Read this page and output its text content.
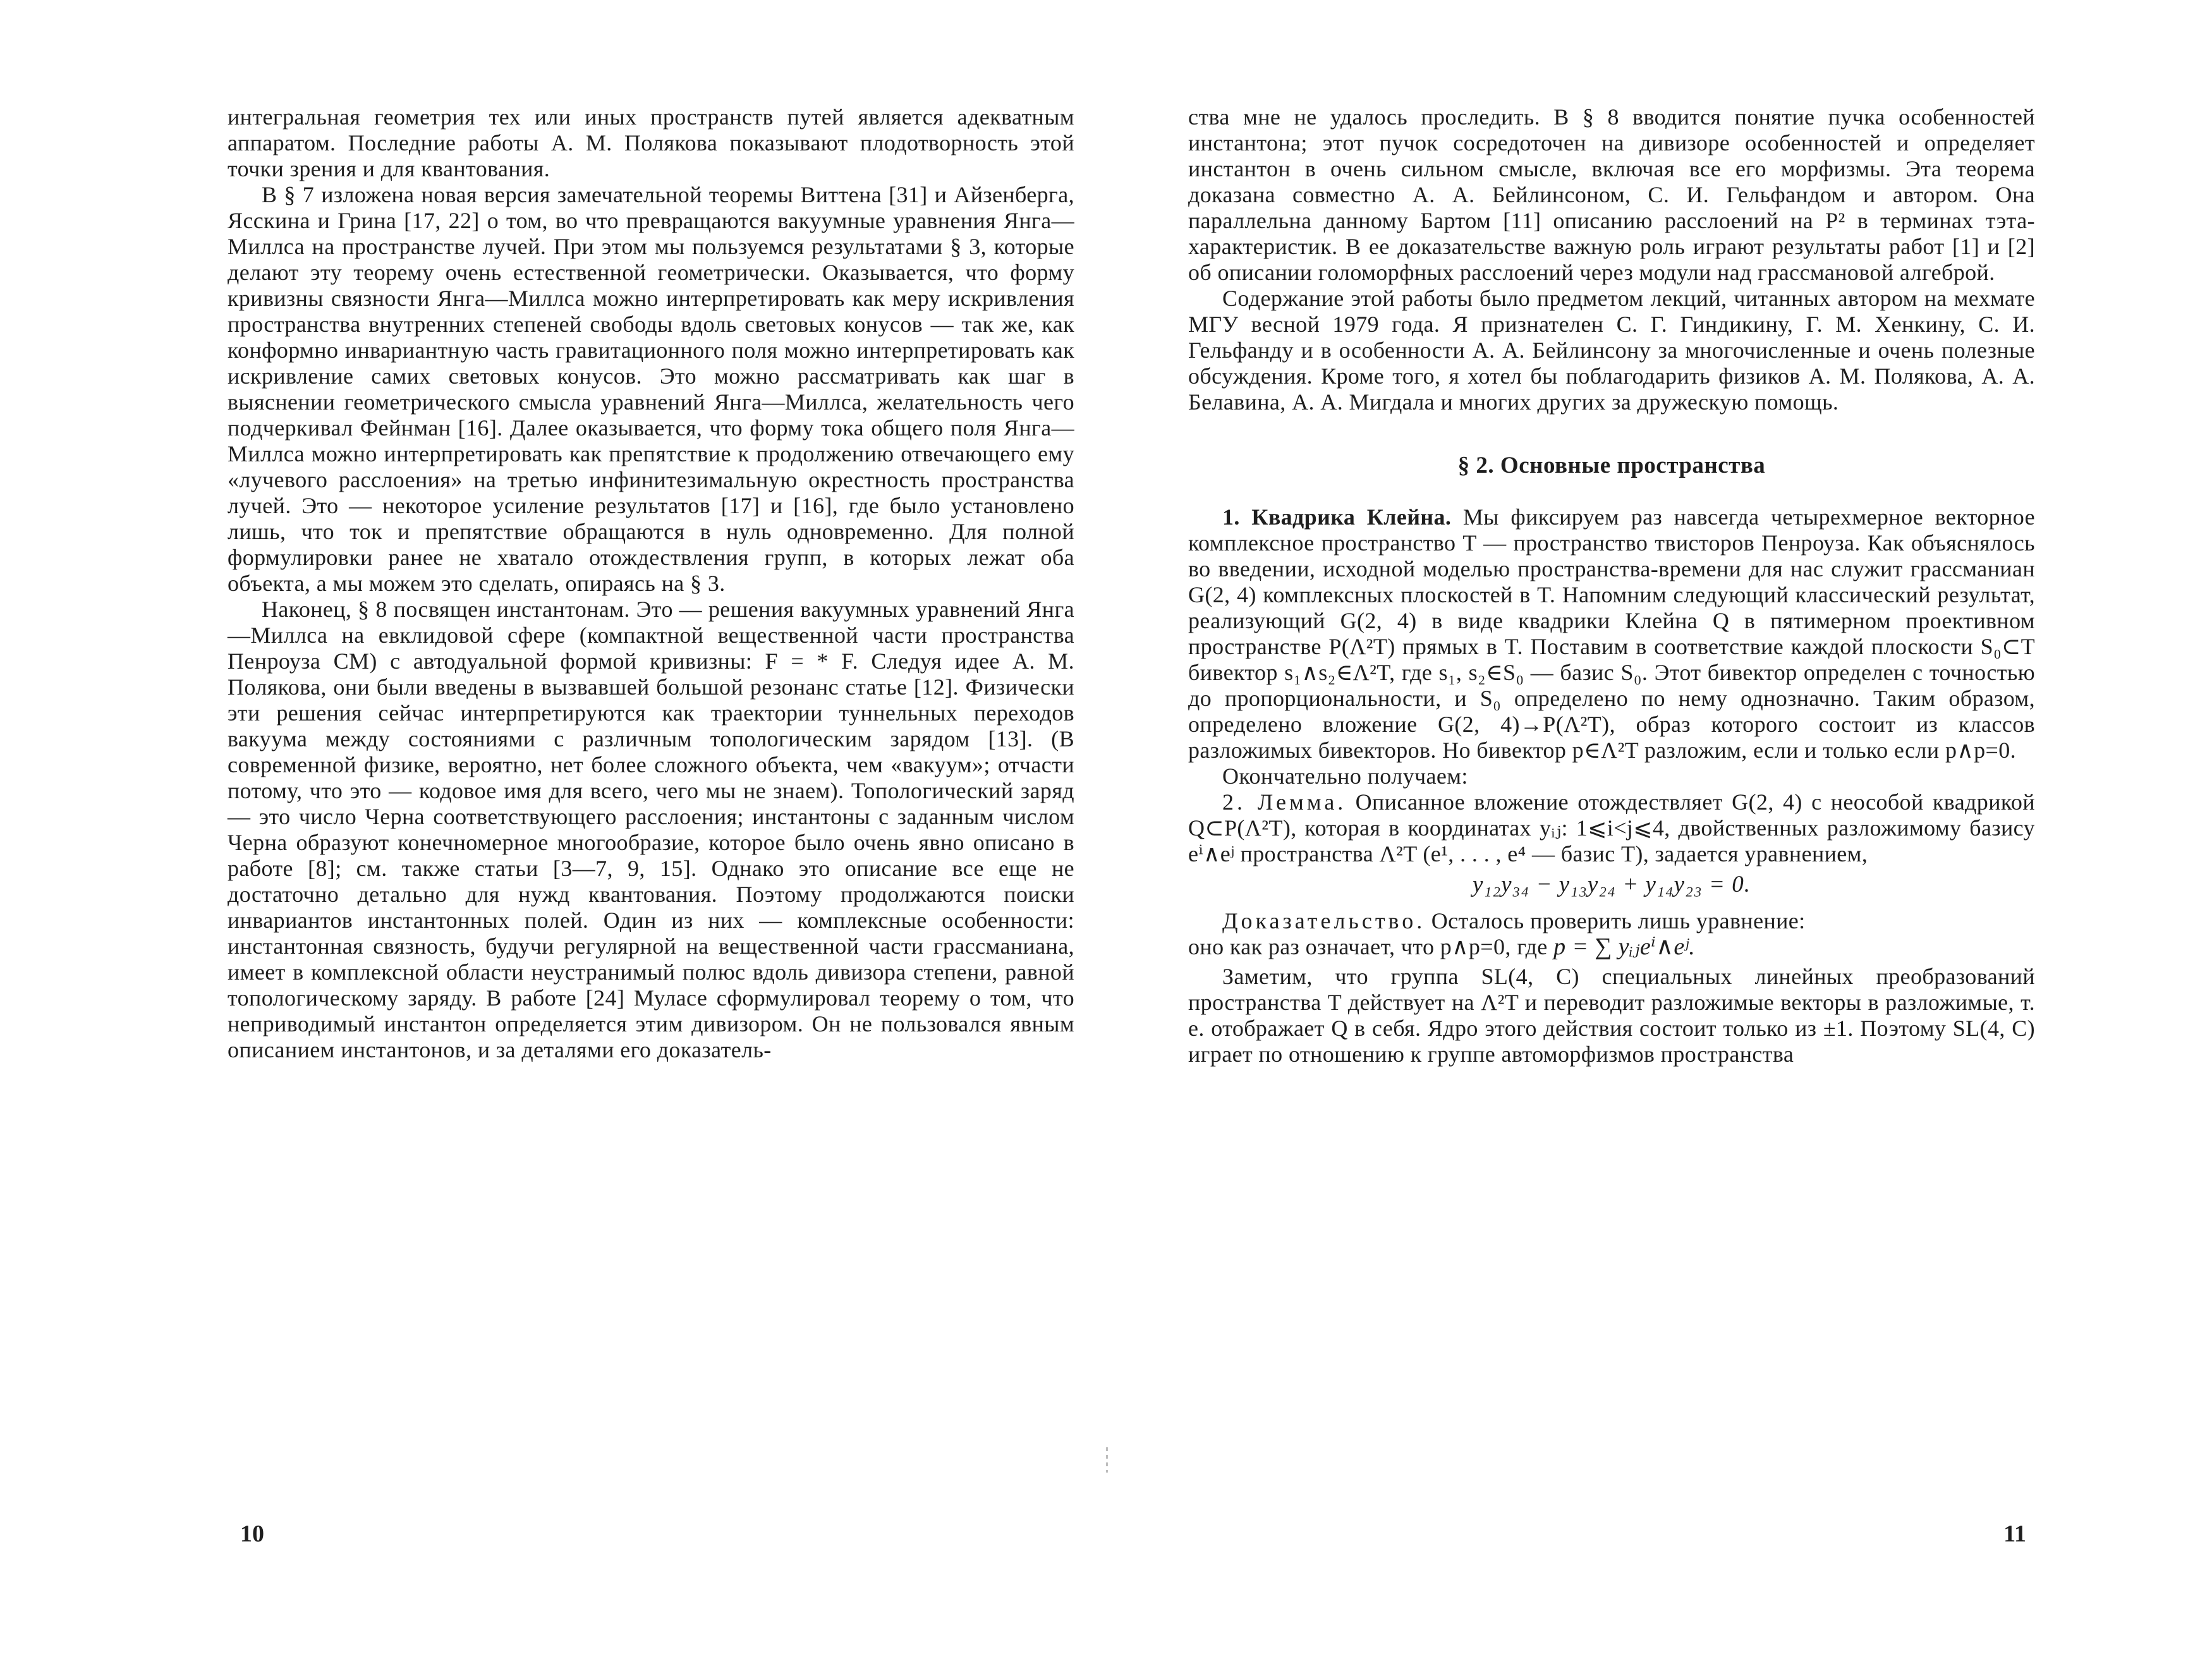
интегральная геометрия тех или иных пространств путей является адекватным аппаратом. Последние работы А. М. Полякова показывают плодотворность этой точки зрения и для квантования.

В § 7 изложена новая версия замечательной теоремы Виттена [31] и Айзенберга, Ясскина и Грина [17, 22] о том, во что превращаются вакуумные уравнения Янга—Миллса на пространстве лучей. При этом мы пользуемся результатами § 3, которые делают эту теорему очень естественной геометрически. Оказывается, что форму кривизны связности Янга—Миллса можно интерпретировать как меру искривления пространства внутренних степеней свободы вдоль световых конусов — так же, как конформно инвариантную часть гравитационного поля можно интерпретировать как искривление самих световых конусов. Это можно рассматривать как шаг в выяснении геометрического смысла уравнений Янга—Миллса, желательность чего подчеркивал Фейнман [16]. Далее оказывается, что форму тока общего поля Янга—Миллса можно интерпретировать как препятствие к продолжению отвечающего ему «лучевого расслоения» на третью инфинитезимальную окрестность пространства лучей. Это — некоторое усиление результатов [17] и [16], где было установлено лишь, что ток и препятствие обращаются в нуль одновременно. Для полной формулировки ранее не хватало отождествления групп, в которых лежат оба объекта, а мы можем это сделать, опираясь на § 3.

Наконец, § 8 посвящен инстантонам. Это — решения вакуумных уравнений Янга—Миллса на евклидовой сфере (компактной вещественной части пространства Пенроуза CM) с автодуальной формой кривизны: F = * F. Следуя идее А. М. Полякова, они были введены в вызвавшей большой резонанс статье [12]. Физически эти решения сейчас интерпретируются как траектории туннельных переходов вакуума между состояниями с различным топологическим зарядом [13]. (В современной физике, вероятно, нет более сложного объекта, чем «вакуум»; отчасти потому, что это — кодовое имя для всего, чего мы не знаем). Топологический заряд — это число Черна соответствующего расслоения; инстантоны с заданным числом Черна образуют конечномерное многообразие, которое было очень явно описано в работе [8]; см. также статьи [3—7, 9, 15]. Однако это описание все еще не достаточно детально для нужд квантования. Поэтому продолжаются поиски инвариантов инстантонных полей. Один из них — комплексные особенности: инстантонная связность, будучи регулярной на вещественной части грассманиана, имеет в комплексной области неустранимый полюс вдоль дивизора степени, равной топологическому заряду. В работе [24] Муласе сформулировал теорему о том, что неприводимый инстантон определяется этим дивизором. Он не пользовался явным описанием инстантонов, и за деталями его доказатель-

10

ства мне не удалось проследить. В § 8 вводится понятие пучка особенностей инстантона; этот пучок сосредоточен на дивизоре особенностей и определяет инстантон в очень сильном смысле, включая все его морфизмы. Эта теорема доказана совместно А. А. Бейлинсоном, С. И. Гельфандом и автором. Она параллельна данному Бартом [11] описанию расслоений на P² в терминах тэта-характеристик. В ее доказательстве важную роль играют результаты работ [1] и [2] об описании голоморфных расслоений через модули над грассмановой алгеброй.

Содержание этой работы было предметом лекций, читанных автором на мехмате МГУ весной 1979 года. Я признателен С. Г. Гиндикину, Г. М. Хенкину, С. И. Гельфанду и в особенности А. А. Бейлинсону за многочисленные и очень полезные обсуждения. Кроме того, я хотел бы поблагодарить физиков А. М. Полякова, А. А. Белавина, А. А. Мигдала и многих других за дружескую помощь.

§ 2. Основные пространства

1. Квадрика Клейна. Мы фиксируем раз навсегда четырехмерное векторное комплексное пространство T — пространство твисторов Пенроуза. Как объяснялось во введении, исходной моделью пространства-времени для нас служит грассманиан G(2, 4) комплексных плоскостей в T. Напомним следующий классический результат, реализующий G(2, 4) в виде квадрики Клейна Q в пятимерном проективном пространстве P(Λ²T) прямых в T. Поставим в соответствие каждой плоскости S₀⊂T бивектор s₁∧s₂∈Λ²T, где s₁, s₂∈S₀ — базис S₀. Этот бивектор определен с точностью до пропорциональности, и S₀ определено по нему однозначно. Таким образом, определено вложение G(2, 4)→P(Λ²T), образ которого состоит из классов разложимых бивекторов. Но бивектор p∈Λ²T разложим, если и только если p∧p=0.

Окончательно получаем:

2. Лемма. Описанное вложение отождествляет G(2, 4) с неособой квадрикой Q⊂P(Λ²T), которая в координатах yᵢⱼ: 1⩽i<j⩽4, двойственных разложимому базису eⁱ∧eʲ пространства Λ²T (e¹, . . . , e⁴ — базис T), задается уравнением,

y₁₂y₃₄ − y₁₃y₂₄ + y₁₄y₂₃ = 0.

Доказательство. Осталось проверить лишь уравнение:

оно как раз означает, что p∧p=0, где p = ∑ yᵢⱼeⁱ∧eʲ.

Заметим, что группа SL(4, C) специальных линейных преобразований пространства T действует на Λ²T и переводит разложимые векторы в разложимые, т. е. отображает Q в себя. Ядро этого действия состоит только из ±1. Поэтому SL(4, C) играет по отношению к группе автоморфизмов пространства

11
